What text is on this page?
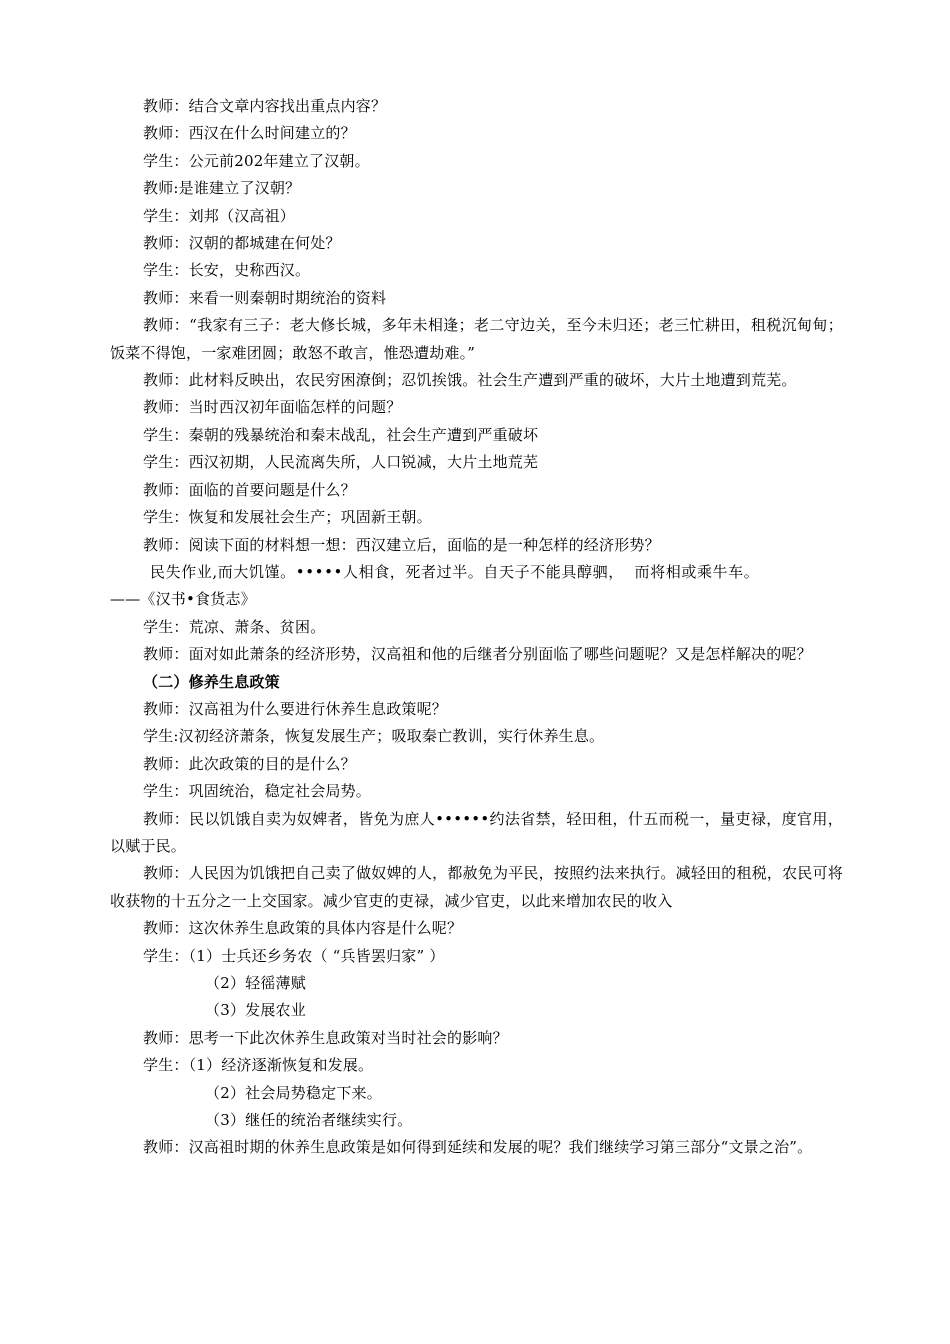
教师：结合文章内容找出重点内容？

教师：西汉在什么时间建立的？

学生：公元前202年建立了汉朝。

教师:是谁建立了汉朝？

学生：刘邦（汉高祖）

教师：汉朝的都城建在何处？

学生：长安，史称西汉。

教师：来看一则秦朝时期统治的资料

教师：“我家有三子：老大修长城，多年未相逢；老二守边关，至今未归还；老三忙耕田，租税沉甸甸；饭菜不得饱，一家难团圆；敢怒不敢言，惟恐遭劫难。”

教师：此材料反映出，农民穷困潦倒；忍饥挨饿。社会生产遭到严重的破坏，大片土地遭到荒芜。

教师：当时西汉初年面临怎样的问题？

学生：秦朝的残暴统治和秦末战乱，社会生产遭到严重破坏

学生：西汉初期，人民流离失所，人口锐减，大片土地荒芜

教师：面临的首要问题是什么？

学生：恢复和发展社会生产；巩固新王朝。

教师：阅读下面的材料想一想：西汉建立后，面临的是一种怎样的经济形势？

民失作业,而大饥馑。•••••人相食，死者过半。自天子不能具醇驷，  而将相或乘牛车。

——《汉书•食货志》

学生：荒凉、萧条、贫困。

教师：面对如此萧条的经济形势，汉高祖和他的后继者分别面临了哪些问题呢？又是怎样解决的呢？

（二）修养生息政策

教师：汉高祖为什么要进行休养生息政策呢？

学生:汉初经济萧条，恢复发展生产；吸取秦亡教训，实行休养生息。

教师：此次政策的目的是什么？

学生：巩固统治，稳定社会局势。

教师：民以饥饿自卖为奴婢者，皆免为庶人••••••约法省禁，轻田租，什五而税一，量吏禄，度官用，以赋于民。

教师：人民因为饥饿把自己卖了做奴婢的人，都赦免为平民，按照约法来执行。减轻田的租税，农民可将收获物的十五分之一上交国家。减少官吏的吏禄，减少官吏，以此来增加农民的收入

教师：这次休养生息政策的具体内容是什么呢？

学生：（1）士兵还乡务农（ “兵皆罢归家” ）

（2）轻徭薄赋

（3）发展农业

教师：思考一下此次休养生息政策对当时社会的影响？

学生：（1）经济逐渐恢复和发展。

（2）社会局势稳定下来。

（3）继任的统治者继续实行。

教师：汉高祖时期的休养生息政策是如何得到延续和发展的呢？我们继续学习第三部分“文景之治”。
